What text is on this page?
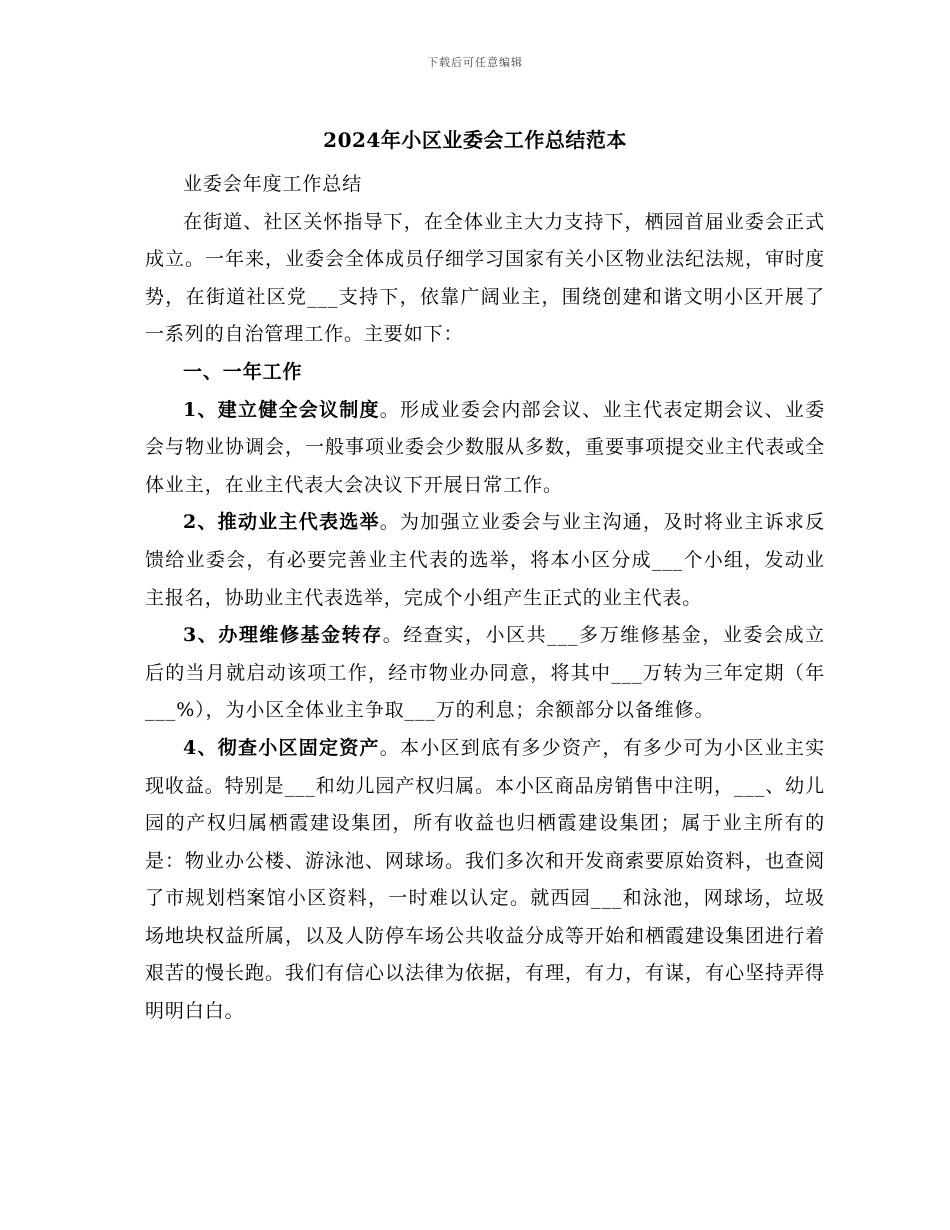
下载后可任意编辑
2024年小区业委会工作总结范本

业委会年度工作总结

在街道、社区关怀指导下，在全体业主大力支持下，栖园首届业委会正式成立。一年来，业委会全体成员仔细学习国家有关小区物业法纪法规，审时度势，在街道社区党___支持下，依靠广阔业主，围绕创建和谐文明小区开展了一系列的自治管理工作。主要如下：

一、一年工作

1、建立健全会议制度。形成业委会内部会议、业主代表定期会议、业委会与物业协调会，一般事项业委会少数服从多数，重要事项提交业主代表或全体业主，在业主代表大会决议下开展日常工作。

2、推动业主代表选举。为加强立业委会与业主沟通，及时将业主诉求反馈给业委会，有必要完善业主代表的选举，将本小区分成___个小组，发动业主报名，协助业主代表选举，完成个小组产生正式的业主代表。

3、办理维修基金转存。经查实，小区共___多万维修基金，业委会成立后的当月就启动该项工作，经市物业办同意，将其中___万转为三年定期（年___%），为小区全体业主争取___万的利息；余额部分以备维修。

4、彻查小区固定资产。本小区到底有多少资产，有多少可为小区业主实现收益。特别是___和幼儿园产权归属。本小区商品房销售中注明，___、幼儿园的产权归属栖霞建设集团，所有收益也归栖霞建设集团；属于业主所有的是：物业办公楼、游泳池、网球场。我们多次和开发商索要原始资料，也查阅了市规划档案馆小区资料，一时难以认定。就西园___和泳池，网球场，垃圾场地块权益所属，以及人防停车场公共收益分成等开始和栖霞建设集团进行着艰苦的慢长跑。我们有信心以法律为依据，有理，有力，有谋，有心坚持弄得明明白白。
